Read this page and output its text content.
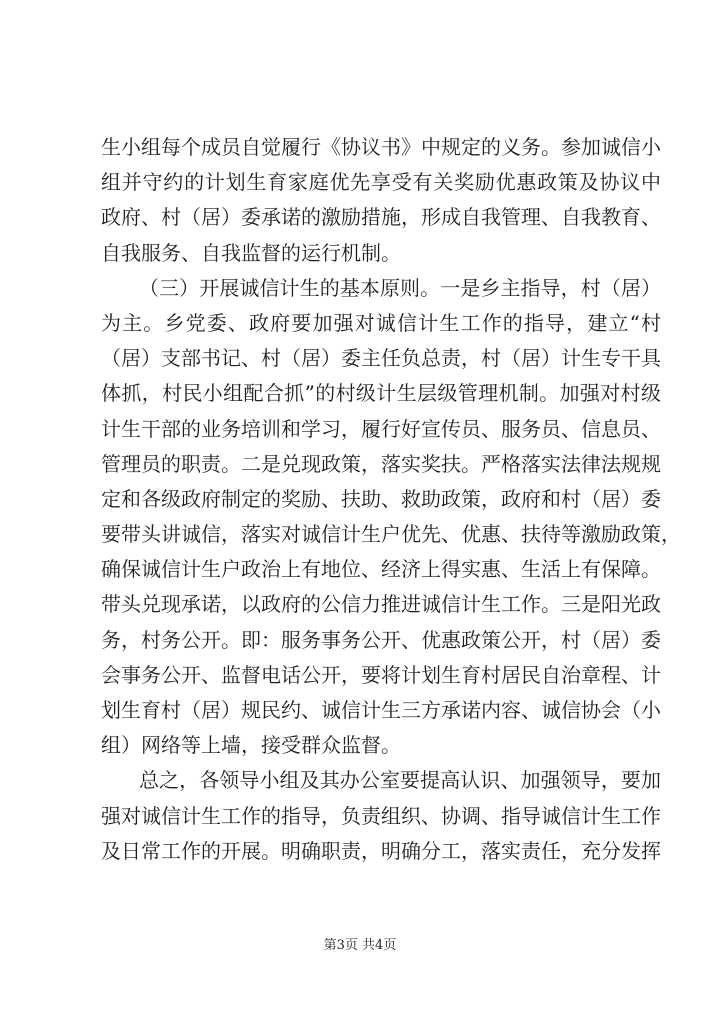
生小组每个成员自觉履行《协议书》中规定的义务。参加诚信小
组并守约的计划生育家庭优先享受有关奖励优惠政策及协议中
政府、村（居）委承诺的激励措施，形成自我管理、自我教育、
自我服务、自我监督的运行机制。
（三）开展诚信计生的基本原则。一是乡主指导，村（居）
为主。乡党委、政府要加强对诚信计生工作的指导，建立“村
（居）支部书记、村（居）委主任负总责，村（居）计生专干具
体抓，村民小组配合抓”的村级计生层级管理机制。加强对村级
计生干部的业务培训和学习，履行好宣传员、服务员、信息员、
管理员的职责。二是兑现政策，落实奖扶。严格落实法律法规规
定和各级政府制定的奖励、扶助、救助政策，政府和村（居）委
要带头讲诚信，落实对诚信计生户优先、优惠、扶待等激励政策，
确保诚信计生户政治上有地位、经济上得实惠、生活上有保障。
带头兑现承诺，以政府的公信力推进诚信计生工作。三是阳光政
务，村务公开。即：服务事务公开、优惠政策公开，村（居）委
会事务公开、监督电话公开，要将计划生育村居民自治章程、计
划生育村（居）规民约、诚信计生三方承诺内容、诚信协会（小
组）网络等上墙，接受群众监督。
总之，各领导小组及其办公室要提高认识、加强领导，要加
强对诚信计生工作的指导，负责组织、协调、指导诚信计生工作
及日常工作的开展。明确职责，明确分工，落实责任，充分发挥
第3页 共4页
